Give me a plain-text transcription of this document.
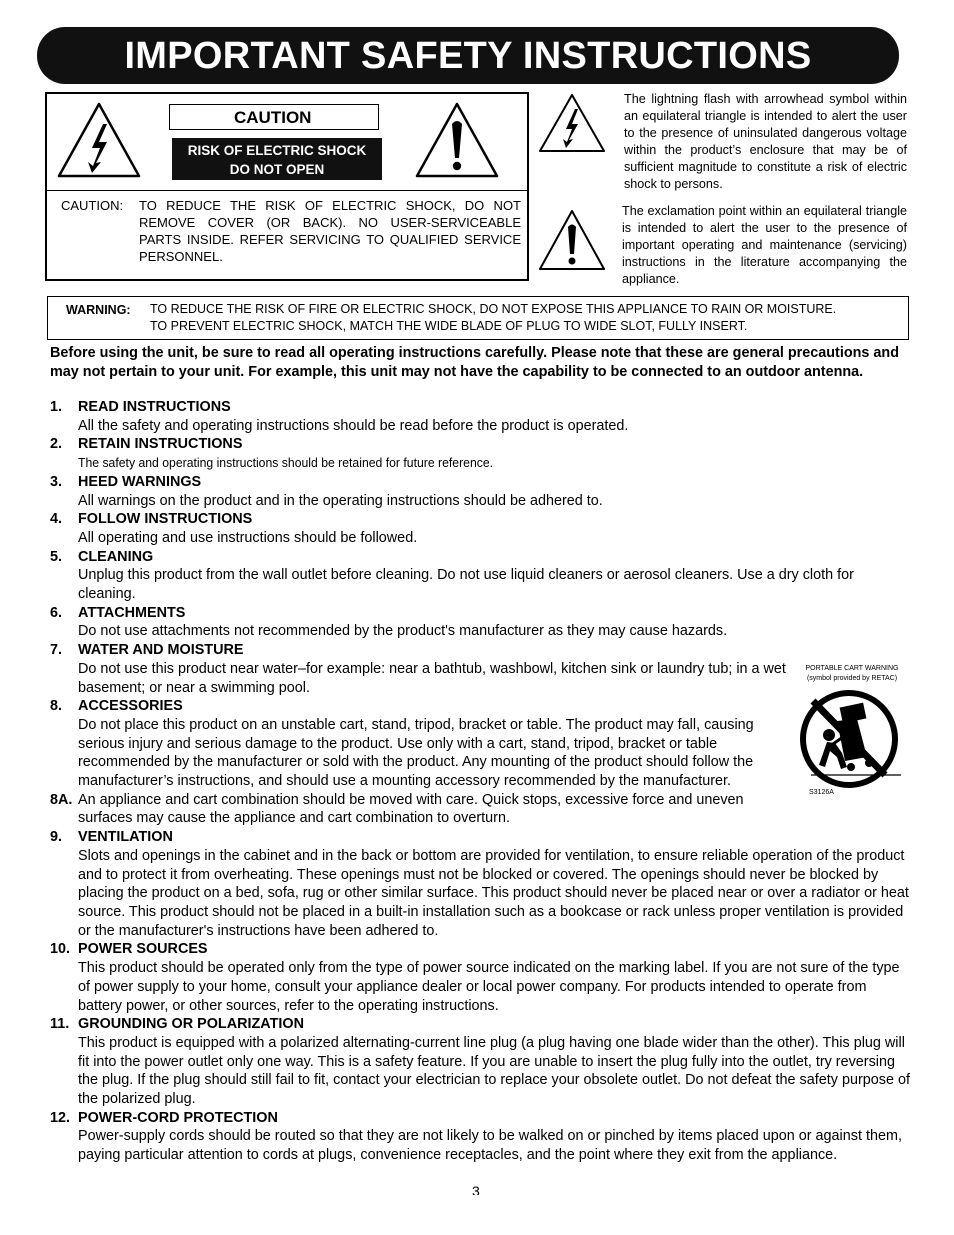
IMPORTANT SAFETY INSTRUCTIONS
CAUTION
RISK OF ELECTRIC SHOCK
DO NOT OPEN
CAUTION: TO REDUCE THE RISK OF ELECTRIC SHOCK, DO NOT REMOVE COVER (OR BACK). NO USER-SERVICEABLE PARTS INSIDE. REFER SERVICING TO QUALIFIED SERVICE PERSONNEL.
The lightning flash with arrowhead symbol within an equilateral triangle is intended to alert the user to the presence of uninsulated dangerous voltage within the product’s enclosure that may be of sufficient magnitude to constitute a risk of electric shock to persons.
The exclamation point within an equilateral triangle is intended to alert the user to the presence of important operating and maintenance (servicing) instructions in the literature accompanying the appliance.
WARNING: TO REDUCE THE RISK OF FIRE OR ELECTRIC SHOCK, DO NOT EXPOSE THIS APPLIANCE TO RAIN OR MOISTURE.
TO PREVENT ELECTRIC SHOCK, MATCH THE WIDE BLADE OF PLUG TO WIDE SLOT, FULLY INSERT.
Before using the unit, be sure to read all operating instructions carefully. Please note that these are general precautions and may not pertain to your unit. For example, this unit may not have the capability to be connected to an outdoor antenna.
1. READ INSTRUCTIONS
All the safety and operating instructions should be read before the product is operated.
2. RETAIN INSTRUCTIONS
The safety and operating instructions should be retained for future reference.
3. HEED WARNINGS
All warnings on the product and in the operating instructions should be adhered to.
4. FOLLOW INSTRUCTIONS
All operating and use instructions should be followed.
5. CLEANING
Unplug this product from the wall outlet before cleaning. Do not use liquid cleaners or aerosol cleaners. Use a dry cloth for cleaning.
6. ATTACHMENTS
Do not use attachments not recommended by the product's manufacturer as they may cause hazards.
7. WATER AND MOISTURE
Do not use this product near water–for example: near a bathtub, washbowl, kitchen sink or laundry tub; in a wet basement; or near a swimming pool.
8. ACCESSORIES
Do not place this product on an unstable cart, stand, tripod, bracket or table. The product may fall, causing serious injury and serious damage to the product. Use only with a cart, stand, tripod, bracket or table recommended by the manufacturer or sold with the product. Any mounting of the product should follow the manufacturer’s instructions, and should use a mounting accessory recommended by the manufacturer.
8A. An appliance and cart combination should be moved with care. Quick stops, excessive force and uneven surfaces may cause the appliance and cart combination to overturn.
9. VENTILATION
Slots and openings in the cabinet and in the back or bottom are provided for ventilation, to ensure reliable operation of the product and to protect it from overheating. These openings must not be blocked or covered. The openings should never be blocked by placing the product on a bed, sofa, rug or other similar surface. This product should never be placed near or over a radiator or heat source. This product should not be placed in a built-in installation such as a bookcase or rack unless proper ventilation is provided or the manufacturer's instructions have been adhered to.
10. POWER SOURCES
This product should be operated only from the type of power source indicated on the marking label. If you are not sure of the type of power supply to your home, consult your appliance dealer or local power company. For products intended to operate from battery power, or other sources, refer to the operating instructions.
11. GROUNDING OR POLARIZATION
This product is equipped with a polarized alternating-current line plug (a plug having one blade wider than the other). This plug will fit into the power outlet only one way. This is a safety feature. If you are unable to insert the plug fully into the outlet, try reversing the plug. If the plug should still fail to fit, contact your electrician to replace your obsolete outlet. Do not defeat the safety purpose of the polarized plug.
12. POWER-CORD PROTECTION
Power-supply cords should be routed so that they are not likely to be walked on or pinched by items placed upon or against them, paying particular attention to cords at plugs, convenience receptacles, and the point where they exit from the appliance.
PORTABLE CART WARNING
(symbol provided by RETAC)
S3126A
3
